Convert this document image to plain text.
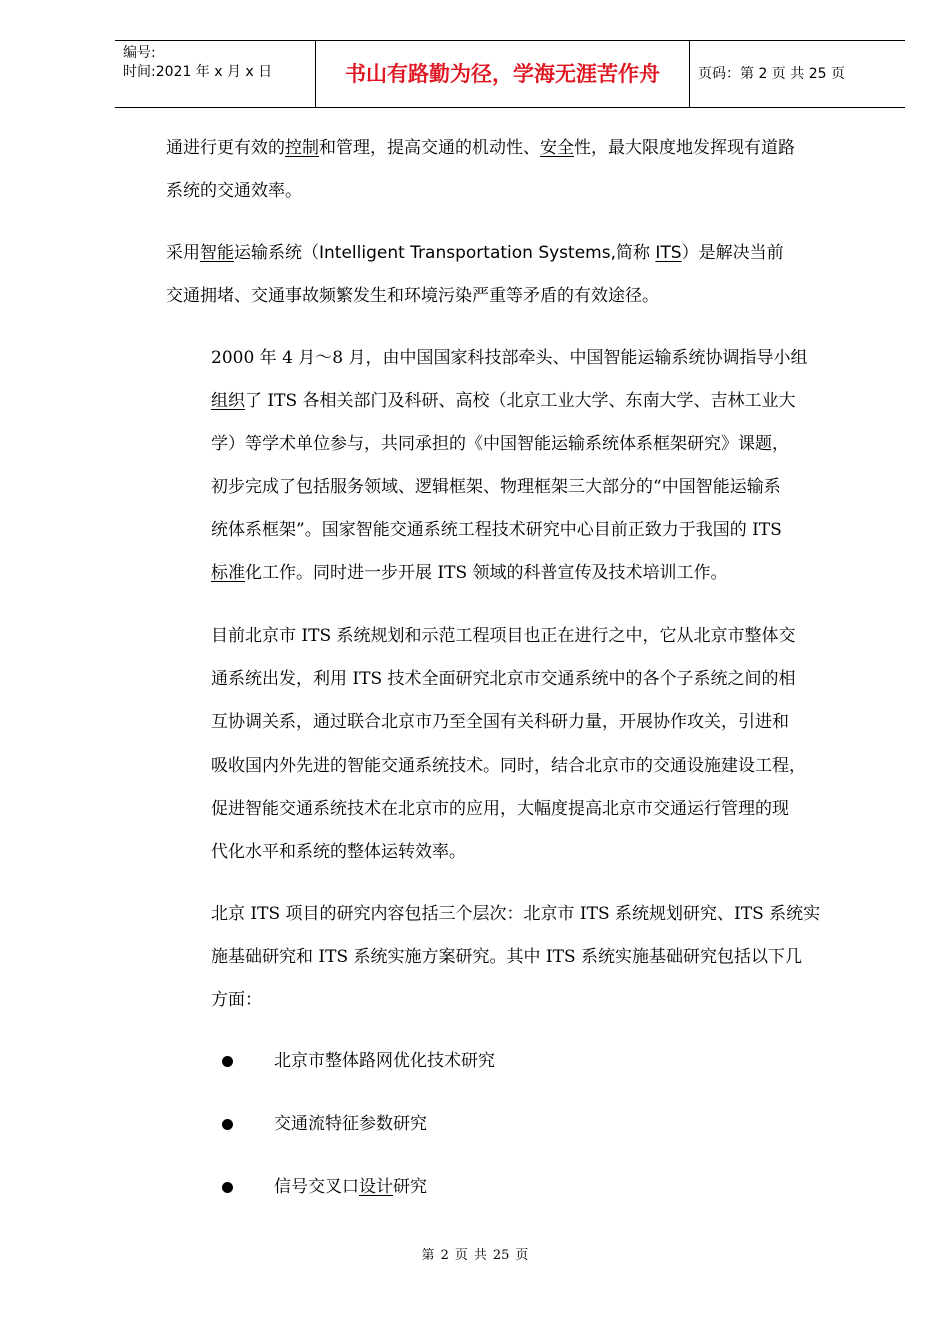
编号:
时间:2021 年 x 月 x 日	书山有路勤为径，学海无涯苦作舟	页码：第 2 页 共 25 页
通进行更有效的控制和管理，提高交通的机动性、安全性，最大限度地发挥现有道路
系统的交通效率。
采用智能运输系统（Intelligent Transportation Systems,简称 ITS）是解决当前
交通拥堵、交通事故频繁发生和环境污染严重等矛盾的有效途径。
2000 年 4 月～8 月，由中国国家科技部牵头、中国智能运输系统协调指导小组
组织了 ITS 各相关部门及科研、高校（北京工业大学、东南大学、吉林工业大
学）等学术单位参与，共同承担的《中国智能运输系统体系框架研究》课题，
初步完成了包括服务领域、逻辑框架、物理框架三大部分的“中国智能运输系
统体系框架”。国家智能交通系统工程技术研究中心目前正致力于我国的 ITS
标准化工作。同时进一步开展 ITS 领域的科普宣传及技术培训工作。
目前北京市 ITS 系统规划和示范工程项目也正在进行之中，它从北京市整体交
通系统出发，利用 ITS 技术全面研究北京市交通系统中的各个子系统之间的相
互协调关系，通过联合北京市乃至全国有关科研力量，开展协作攻关，引进和
吸收国内外先进的智能交通系统技术。同时，结合北京市的交通设施建设工程，
促进智能交通系统技术在北京市的应用，大幅度提高北京市交通运行管理的现
代化水平和系统的整体运转效率。
北京 ITS 项目的研究内容包括三个层次：北京市 ITS 系统规划研究、ITS 系统实
施基础研究和 ITS 系统实施方案研究。其中 ITS 系统实施基础研究包括以下几
方面：
北京市整体路网优化技术研究
交通流特征参数研究
信号交叉口设计研究
第 2 页 共 25 页
